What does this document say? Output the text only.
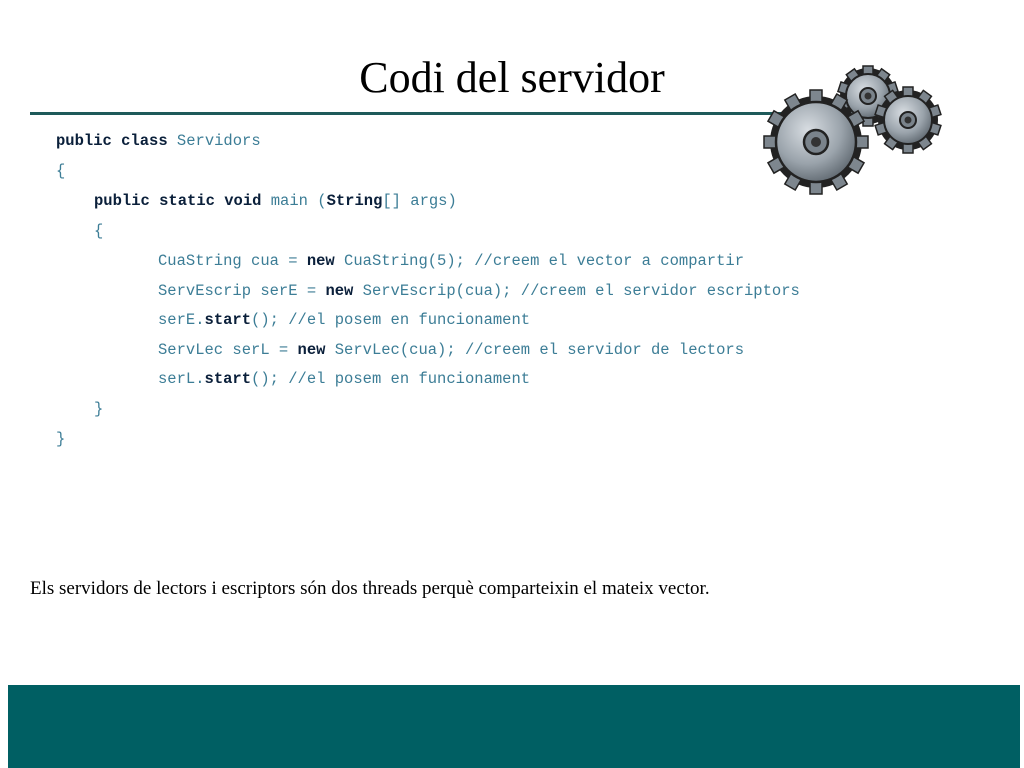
Codi del servidor
public class Servidors
{
public static void main (String[] args)
{
CuaString cua = new CuaString(5); //creem el vector a compartir
ServEscrip serE = new ServEscrip(cua); //creem el servidor escriptors
serE.start(); //el posem en funcionament
ServLec serL = new ServLec(cua); //creem el servidor de lectors
serL.start(); //el posem en funcionament
}
}

Els servidors de lectors i escriptors són dos threads perquè comparteixin el mateix vector.
